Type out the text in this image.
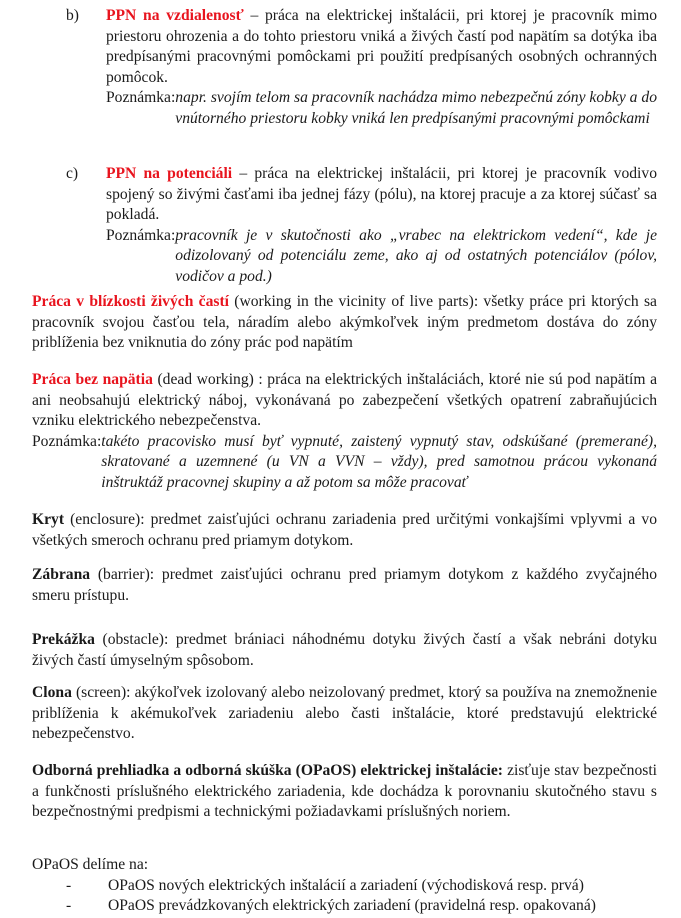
b) PPN na vzdialenosť – práca na elektrickej inštalácii, pri ktorej je pracovník mimo priestoru ohrozenia a do tohto priestoru vniká a živých častí pod napätím sa dotýka iba predpísanými pracovnými pomôckami pri použití predpísaných osobných ochranných pomôcok.
Poznámka: napr. svojím telom sa pracovník nachádza mimo nebezpečnú zóny kobky a do vnútorného priestoru kobky vniká len predpísanými pracovnými pomôckami
c) PPN na potenciáli – práca na elektrickej inštalácii, pri ktorej je pracovník vodivo spojený so živými časťami iba jednej fázy (pólu), na ktorej pracuje a za ktorej súčasť sa pokladá.
Poznámka: pracovník je v skutočnosti ako „vrabec na elektrickom vedení“, kde je odizolovaný od potenciálu zeme, ako aj od ostatných potenciálov (pólov, vodičov a pod.)
Práca v blízkosti živých častí (working in the vicinity of live parts): všetky práce pri ktorých sa pracovník svojou časťou tela, náradím alebo akýmkoľvek iným predmetom dostáva do zóny priblíženia bez vniknutia do zóny prác pod napätím
Práca bez napätia (dead working) : práca na elektrických inštaláciách, ktoré nie sú pod napätím a ani neobsahujú elektrický náboj, vykonávaná po zabezpečení všetkých opatrení zabraňujúcich vzniku elektrického nebezpečenstva.
Poznámka: takéto pracovisko musí byť vypnuté, zaistený vypnutý stav, odskúšané (premerané), skratované a uzemnené (u VN a VVN – vždy), pred samotnou prácou vykonaná inštruktáž pracovnej skupiny a až potom sa môže pracovať
Kryt (enclosure): predmet zaisťujúci ochranu zariadenia pred určitými vonkajšími vplyvmi a vo všetkých smeroch ochranu pred priamym dotykom.
Zábrana (barrier): predmet zaisťujúci ochranu pred priamym dotykom z každého zvyčajného smeru prístupu.
Prekážka (obstacle): predmet brániaci náhodnému dotyku živých častí a však nebráni dotyku živých častí úmyselným spôsobom.
Clona (screen): akýkoľvek izolovaný alebo neizolovaný predmet, ktorý sa používa na znemožnenie priblíženia k akémukoľvek zariadeniu alebo časti inštalácie, ktoré predstavujú elektrické nebezpečenstvo.
Odborná prehliadka a odborná skúška (OPaOS) elektrickej inštalácie: zisťuje stav bezpečnosti a funkčnosti príslušného elektrického zariadenia, kde dochádza k porovnaniu skutočného stavu s bezpečnostnými predpismi a technickými požiadavkami príslušných noriem.
OPaOS delíme na:
-	OPaOS nových elektrických inštalácií a zariadení (východisková resp. prvá)
-	OPaOS prevádzkovaných elektrických zariadení (pravidelná resp. opakovaná)
